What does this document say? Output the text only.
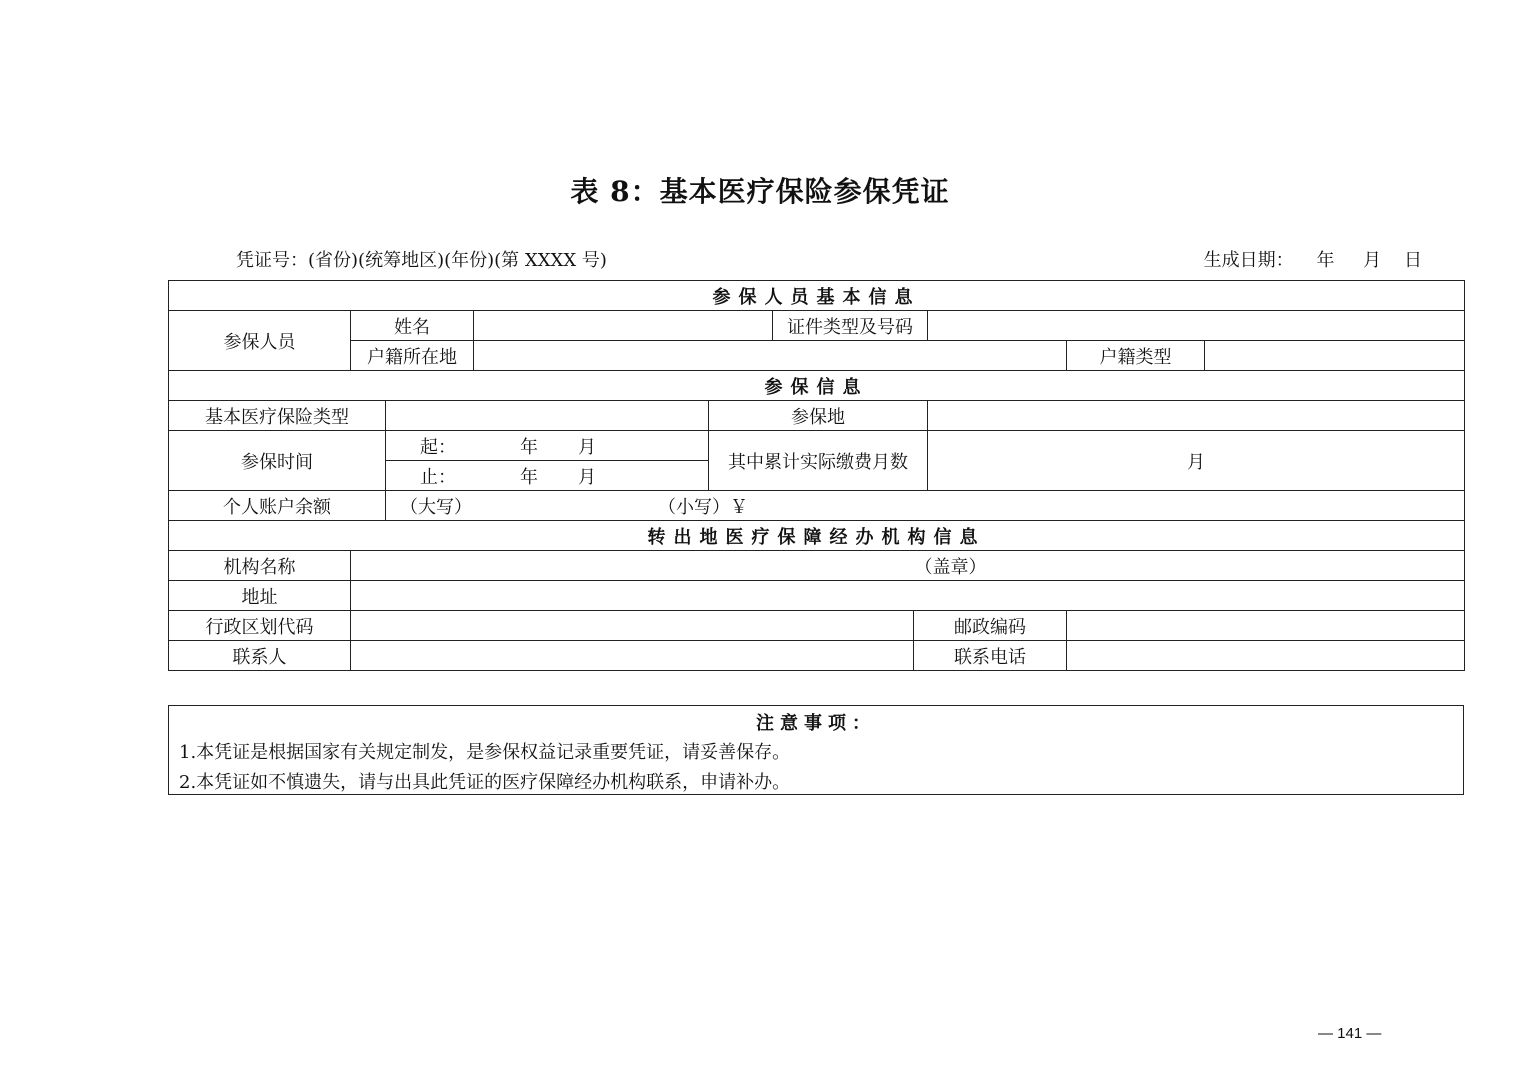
表 8：基本医疗保险参保凭证
凭证号：(省份)(统筹地区)(年份)(第 XXXX 号)	生成日期：    年     月    日
参保人员基本信息									
参保人员	姓名				证件类型及号码				
	户籍所在地							户籍类型	
参保信息									
基本医疗保险类型				参保地					
参保时间		起： 年 月		其中累计实际缴费月数			月		
		止： 年 月							
个人账户余额		（大写） （小写）￥							
转出地医疗保障经办机构信息									
机构名称	（盖章）								
地址									
行政区划代码						邮政编码			
联系人						联系电话			
注意事项：
1.本凭证是根据国家有关规定制发，是参保权益记录重要凭证，请妥善保存。
2.本凭证如不慎遗失，请与出具此凭证的医疗保障经办机构联系，申请补办。
— 141 —
